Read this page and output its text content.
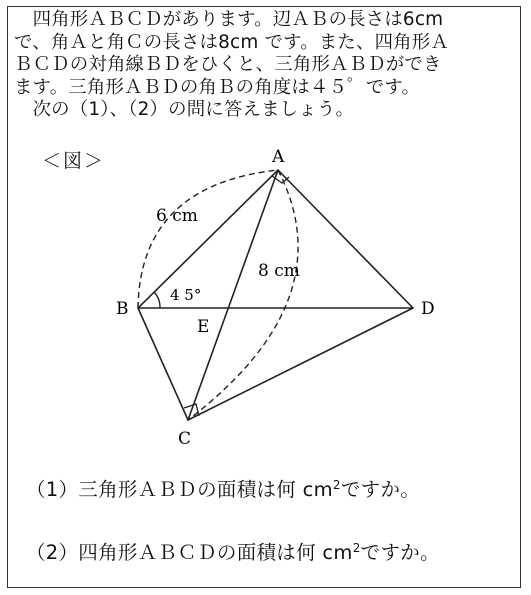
　四角形ＡＢＣＤがあります。辺ＡＢの長さは6cm
で、角Ａと角Ｃの長さは8cm です。また、四角形Ａ
ＢＣＤの対角線ＢＤをひくと、三角形ＡＢＤができ
ます。三角形ＡＢＤの角Ｂの角度は４５゜です。
　次の（1）、（2）の問に答えましょう。
＜図＞	A
B
C
D
E
6 cm
8 cm
4 5°
（1）三角形ＡＢＤの面積は何 $cm^2$ですか。
（2）四角形ＡＢＣＤの面積は何 $cm^2$ですか。
